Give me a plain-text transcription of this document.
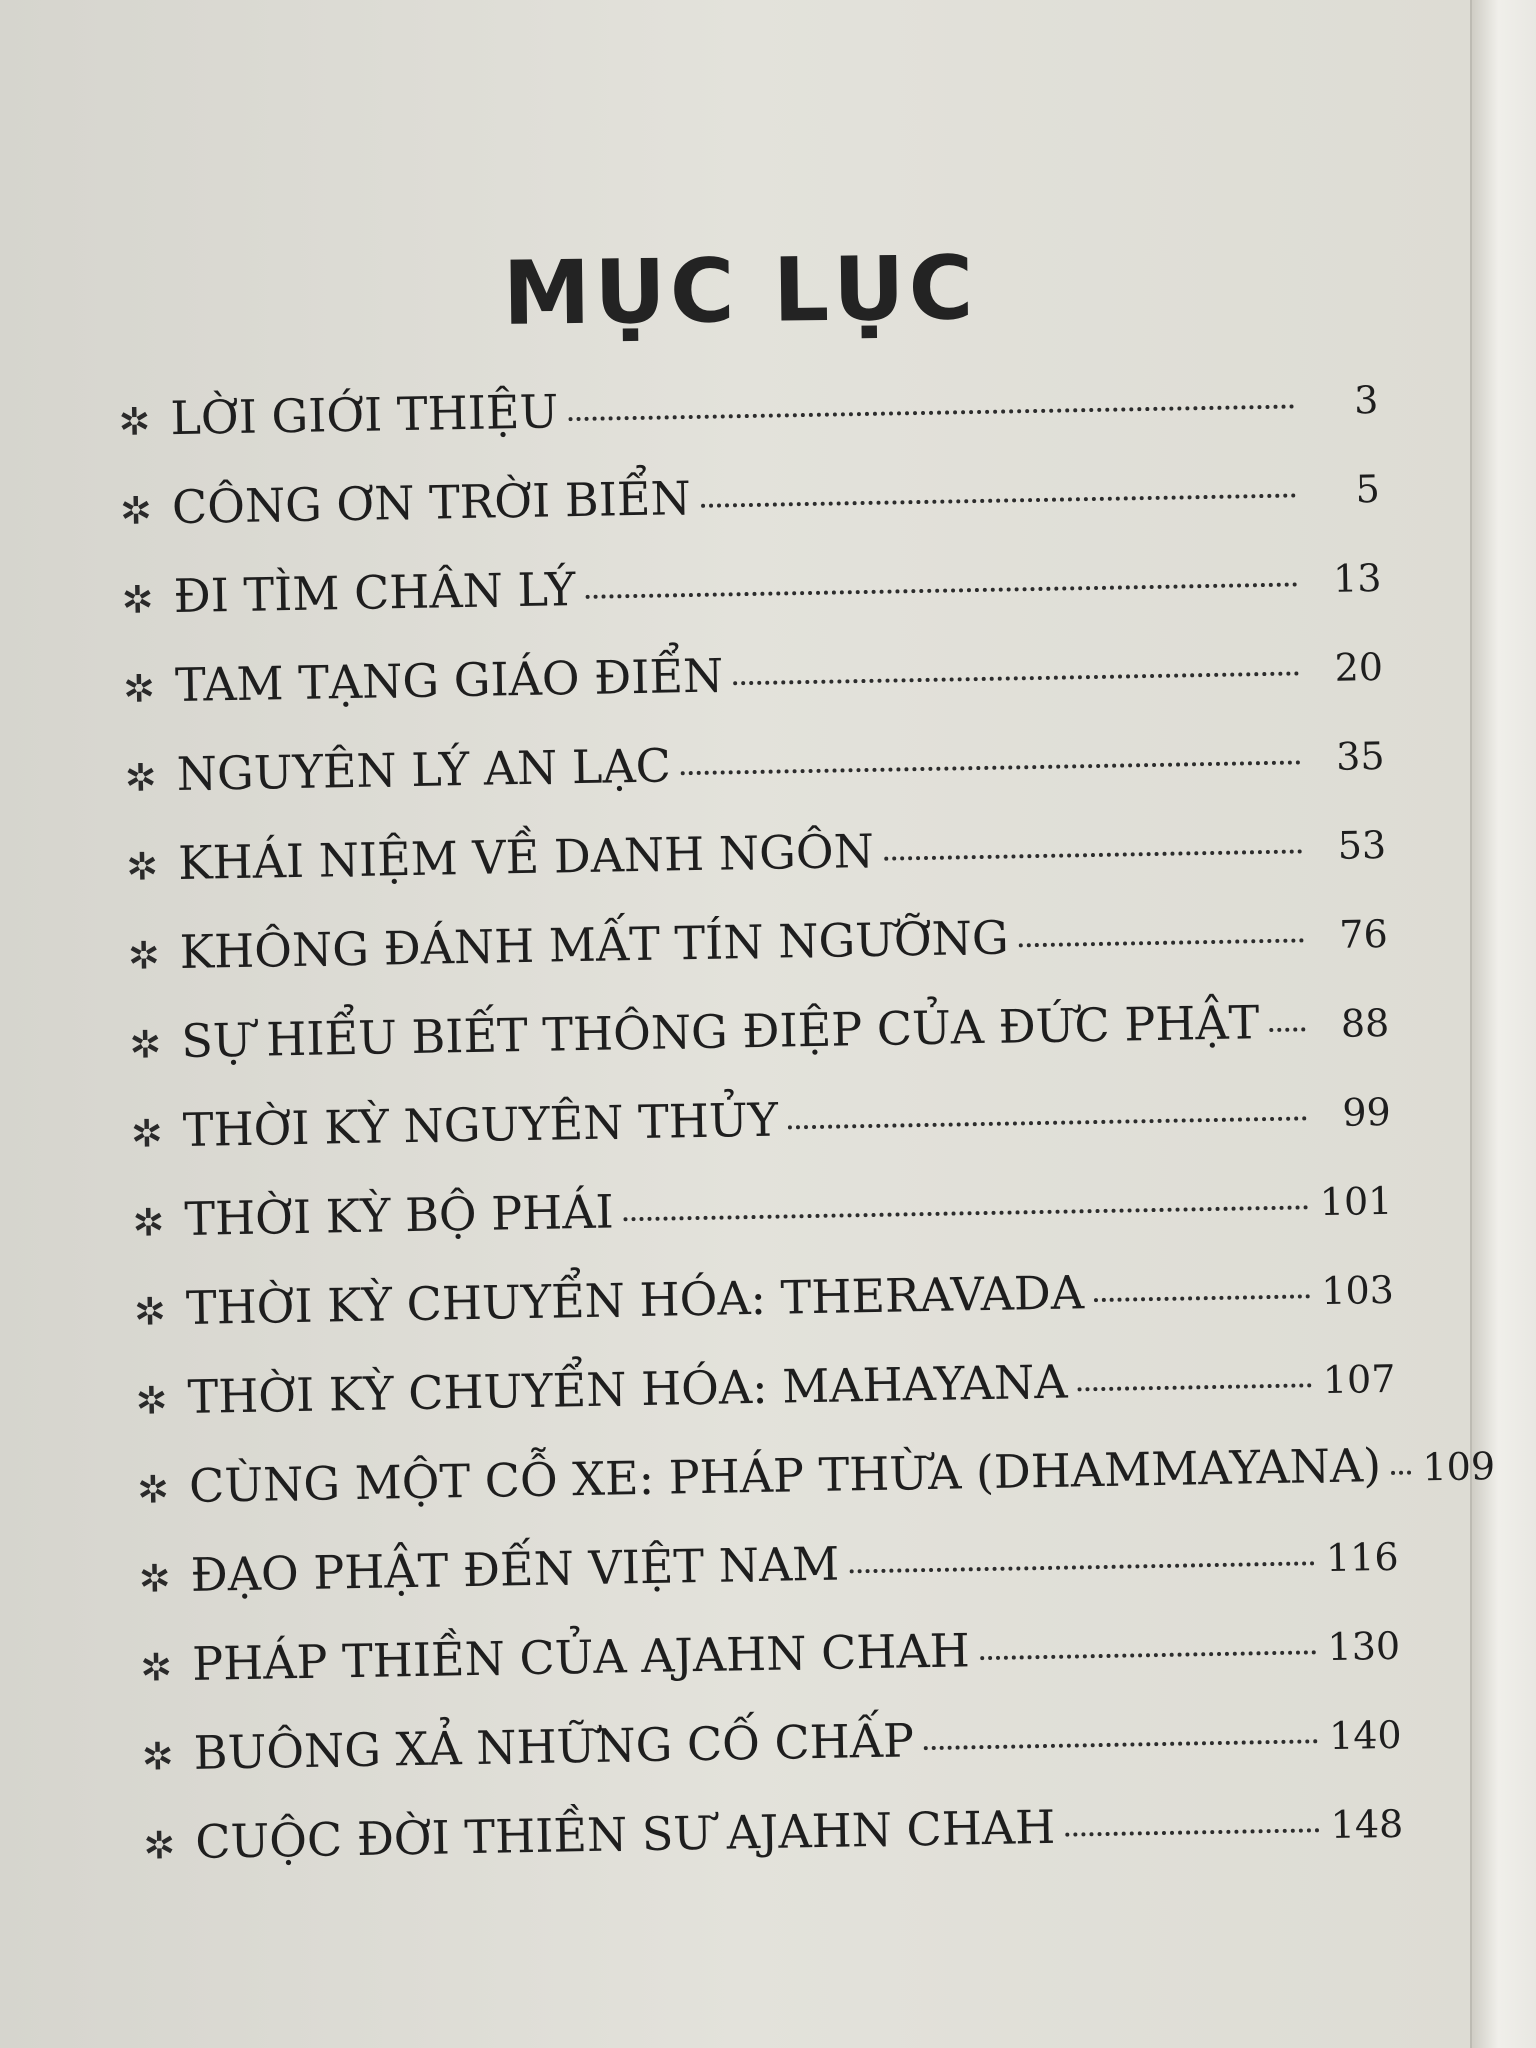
MỤC LỤC
✲ LỜI GIỚI THIỆU	3
✲ CÔNG ƠN TRỜI BIỂN	5
✲ ĐI TÌM CHÂN LÝ	13
✲ TAM TẠNG GIÁO ĐIỂN	20
✲ NGUYÊN LÝ AN LẠC	35
✲ KHÁI NIỆM VỀ DANH NGÔN	53
✲ KHÔNG ĐÁNH MẤT TÍN NGƯỠNG	76
✲ SỰ HIỂU BIẾT THÔNG ĐIỆP CỦA ĐỨC PHẬT	88
✲ THỜI KỲ NGUYÊN THỦY	99
✲ THỜI KỲ BỘ PHÁI	101
✲ THỜI KỲ CHUYỂN HÓA: THERAVADA	103
✲ THỜI KỲ CHUYỂN HÓA: MAHAYANA	107
✲ CÙNG MỘT CỖ XE: PHÁP THỪA (DHAMMAYANA) 109
✲ ĐẠO PHẬT ĐẾN VIỆT NAM	116
✲ PHÁP THIỀN CỦA AJAHN CHAH	130
✲ BUÔNG XẢ NHỮNG CỐ CHẤP	140
✲ CUỘC ĐỜI THIỀN SƯ AJAHN CHAH	148
